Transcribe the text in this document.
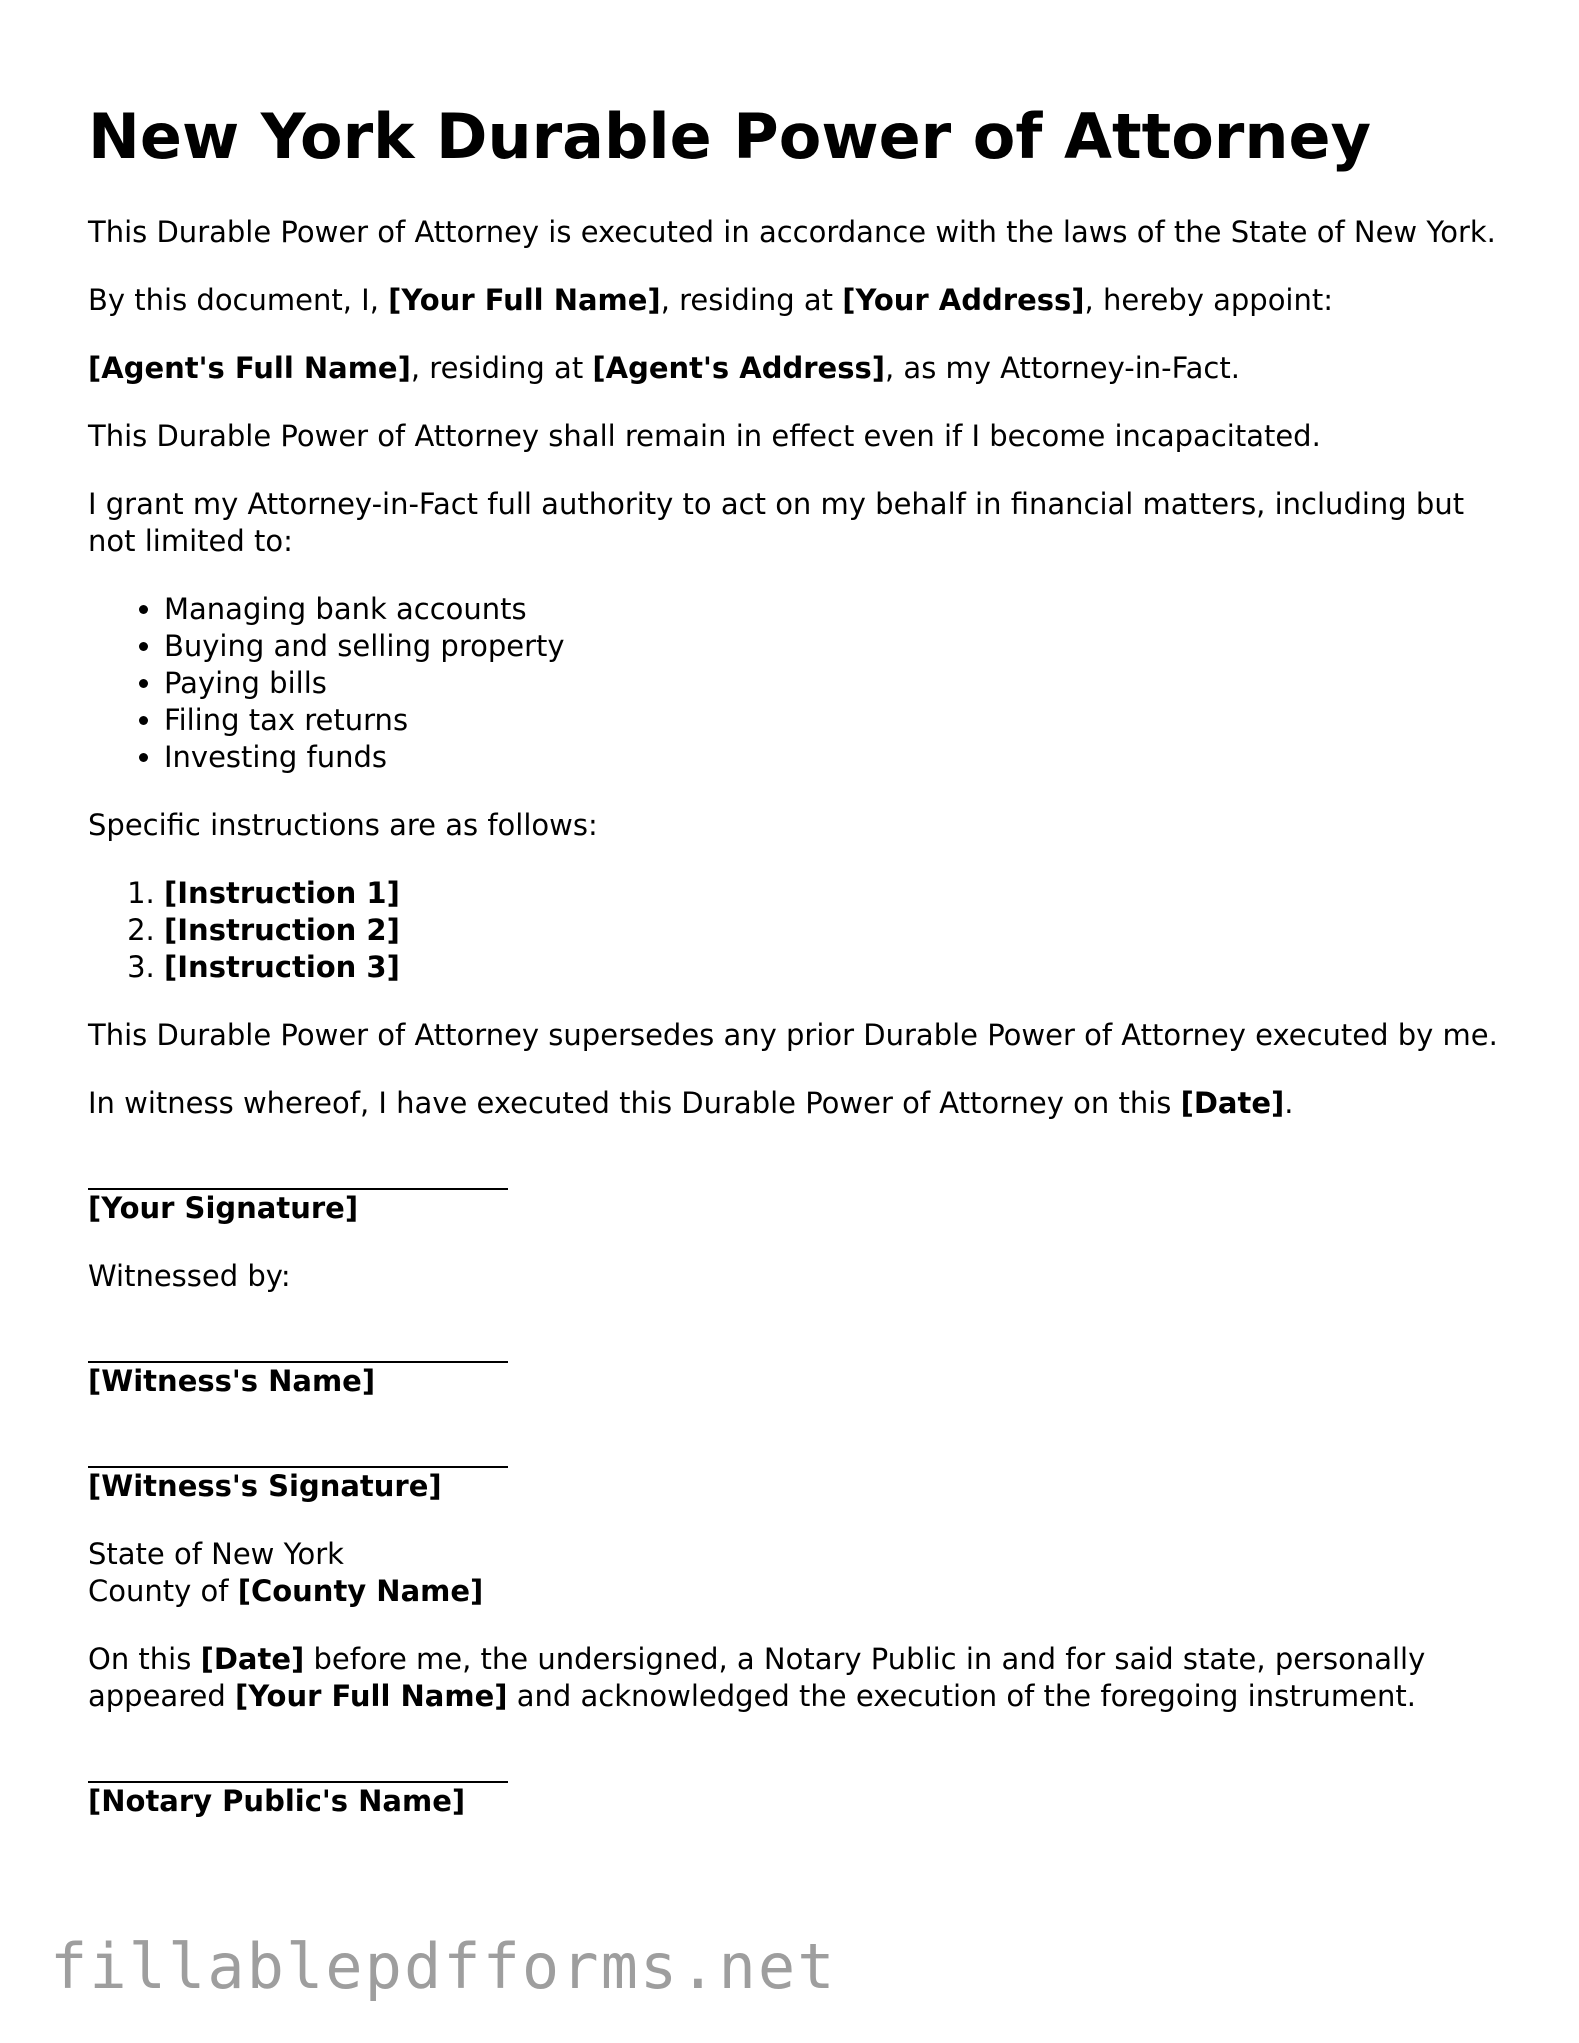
New York Durable Power of Attorney

This Durable Power of Attorney is executed in accordance with the laws of the State of New York.

By this document, I, [Your Full Name], residing at [Your Address], hereby appoint:

[Agent's Full Name], residing at [Agent's Address], as my Attorney-in-Fact.

This Durable Power of Attorney shall remain in effect even if I become incapacitated.

I grant my Attorney-in-Fact full authority to act on my behalf in financial matters, including but not limited to:

• Managing bank accounts
• Buying and selling property
• Paying bills
• Filing tax returns
• Investing funds

Specific instructions are as follows:

1. [Instruction 1]
2. [Instruction 2]
3. [Instruction 3]

This Durable Power of Attorney supersedes any prior Durable Power of Attorney executed by me.

In witness whereof, I have executed this Durable Power of Attorney on this [Date].

[Your Signature]

Witnessed by:

[Witness's Name]
[Witness's Signature]

State of New York
County of [County Name]

On this [Date] before me, the undersigned, a Notary Public in and for said state, personally appeared [Your Full Name] and acknowledged the execution of the foregoing instrument.

[Notary Public's Name]
fillablepdfforms.net
